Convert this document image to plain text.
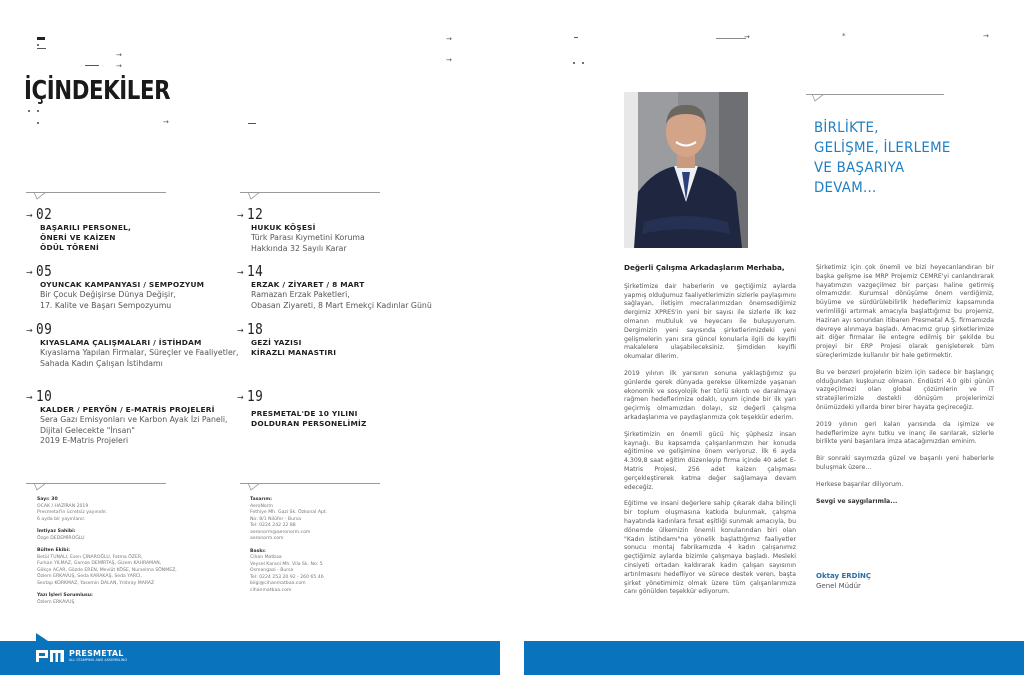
→
→
→
→
→
İÇİNDEKİLER
→ 02
BAŞARILI PERSONEL,
ÖNERİ VE KAİZEN
ÖDÜL TÖRENİ
→ 05
OYUNCAK KAMPANYASI / SEMPOZYUM
Bir Çocuk Değişirse Dünya Değişir,
17. Kalite ve Başarı Sempozyumu
→ 09
KIYASLAMA ÇALIŞMALARI / İSTİHDAM
Kıyaslama Yapılan Firmalar, Süreçler ve Faaliyetler,
Sahada Kadın Çalışan İstihdamı
→ 10
KALDER / PERYÖN / E-MATRİS PROJELERİ
Sera Gazı Emisyonları ve Karbon Ayak İzi Paneli,
Dijital Gelecekte "İnsan"
2019 E-Matris Projeleri
→ 12
HUKUK KÖŞESİ
Türk Parası Kıymetini Koruma
Hakkında 32 Sayılı Karar
→ 14
ERZAK / ZİYARET / 8 MART
Ramazan Erzak Paketleri,
Obasan Ziyareti, 8 Mart Emekçi Kadınlar Günü
→ 18
GEZİ YAZISI
KİRAZLI MANASTIRI
→ 19
PRESMETAL'DE 10 YILINI
DOLDURAN PERSONELİMİZ
Sayı: 30
OCAK / HAZİRAN 2019
Presmetal'in ücretsiz yayınıdır.
6 ayda bir yayınlanır.
İmtiyaz Sahibi:
Özge DEDEMİROĞLU
Bülten Ekibi:
Betül TUNALI, Esen ÇINAROĞLU, Fatma ÖZER,
Furkan YILMAZ, Gamze DEMİRTAŞ, Gizem KAHRAMAN,
Gökçe ACAR, Gözde EREN, Mevlüt KÖSE, Nurselma SÖNMEZ,
Özlem ERKAVUŞ, Seda KARAKAŞ, Seda YARCI,
Sevtap KORKMAZ, Yasemin DALAN, Yıldıray MARAZ
Yazı İşleri Sorumlusu:
Özlem ERKAVUŞ
Tasarım:
AeroNorm
Fethiye Mh. Gazi Sk. Özkonal Apt.
No: 8/1 Nilüfer - Bursa
Tel: 0224 242 22 88
aeronorm@aeronorm.com
aeronorm.com
Baskı:
Cihan Matbaa
Veysel Karani Mh. Vila Sk. No: 5
Osmangazi - Bursa
Tel: 0224 253 20 92 - 260 65 46
bilgi@cihanmatbaa.com
cihanmatbaa.com
PRESMETAL
ALL STAMPING AND ASSEMBLING
→	*	→
BİRLİKTE,
GELİŞME, İLERLEME
VE BAŞARIYA
DEVAM...
Değerli Çalışma Arkadaşlarım Merhaba,

Şirketimize dair haberlerin ve geçtiğimiz aylarda yapmış olduğumuz faaliyetlerimizin sizlerle paylaşımını sağlayan, iletişim mecralarımızdan önemsediğimiz dergimiz XPRES'in yeni bir sayısı ile sizlerle ilk kez olmanın mutluluk ve heyecanı ile buluşuyorum. Dergimizin yeni sayısında şirketlerimizdeki yeni gelişmelerin yanı sıra güncel konularla ilgili de keyifli makalelere ulaşabileceksiniz. Şimdiden keyifli okumalar dilerim.

2019 yılının ilk yarısının sonuna yaklaştığımız şu günlerde gerek dünyada gerekse ülkemizde yaşanan ekonomik ve sosyolojik her türlü sıkıntı ve daralmaya rağmen hedeflerimize odaklı, uyum içinde bir ilk yarı geçirmiş olmamızdan dolayı, siz değerli çalışma arkadaşlarıma ve paydaşlarımıza çok teşekkür ederim.

Şirketimizin en önemli gücü hiç şüphesiz insan kaynağı. Bu kapsamda çalışanlarımızın her konuda eğitimine ve gelişimine önem veriyoruz. İlk 6 ayda 4.309,8 saat eğitim düzenleyip firma içinde 40 adet E-Matris Projesi, 256 adet kaizen çalışması gerçekleştirerek katma değer sağlamaya devam edeceğiz.

Eğitime ve insani değerlere sahip çıkarak daha bilinçli bir toplum oluşmasına katkıda bulunmak, çalışma hayatında kadınlara fırsat eşitliği sunmak amacıyla, bu dönemde ülkemizin önemli konularından biri olan "Kadın İstihdamı"na yönelik başlattığımız faaliyetler sonucu montaj fabrikamızda 4 kadın çalışanımız geçtiğimiz aylarda bizimle çalışmaya başladı. Mesleki cinsiyeti ortadan kaldırarak kadın çalışan sayısının artırılmasını hedefliyor ve sürece destek veren, başta şirket yönetimimiz olmak üzere tüm çalışanlarımıza canı gönülden teşekkür ediyorum.

Şirketimiz için çok önemli ve bizi heyecanlandıran bir başka gelişme ise MRP Projemiz CEMRE'yi canlandırarak hayatımızın vazgeçilmez bir parçası haline getirmiş olmamızdır. Kurumsal dönüşüme önem verdiğimiz, büyüme ve sürdürülebilirlik hedeflerimiz kapsamında verimliliği artırmak amacıyla başlattığımız bu projemiz, Haziran ayı sonundan itibaren Presmetal A.Ş. firmamızda devreye alınmaya başladı. Amacımız grup şirketlerimize ait diğer firmalar ile entegre edilmiş bir şekilde bu projeyi bir ERP Projesi olarak genişleterek tüm süreçlerimizde kullanılır bir hale getirmektir.

Bu ve benzeri projelerin bizim için sadece bir başlangıç olduğundan kuşkunuz olmasın. Endüstri 4.0 gibi günün vazgeçilmezi olan global çözümlerin ve IT stratejilerimizle destekli dönüşüm projelerimizi önümüzdeki yıllarda birer birer hayata geçireceğiz.

2019 yılının geri kalan yarısında da işimize ve hedeflerimize aynı tutku ve inanç ile sarılarak, sizlerle birlikte yeni başarılara imza atacağımızdan eminim.

Bir sonraki sayımızda güzel ve başarılı yeni haberlerle buluşmak üzere...

Herkese başarılar diliyorum.

Sevgi ve saygılarımla...

Oktay ERDİNÇ
Genel Müdür
